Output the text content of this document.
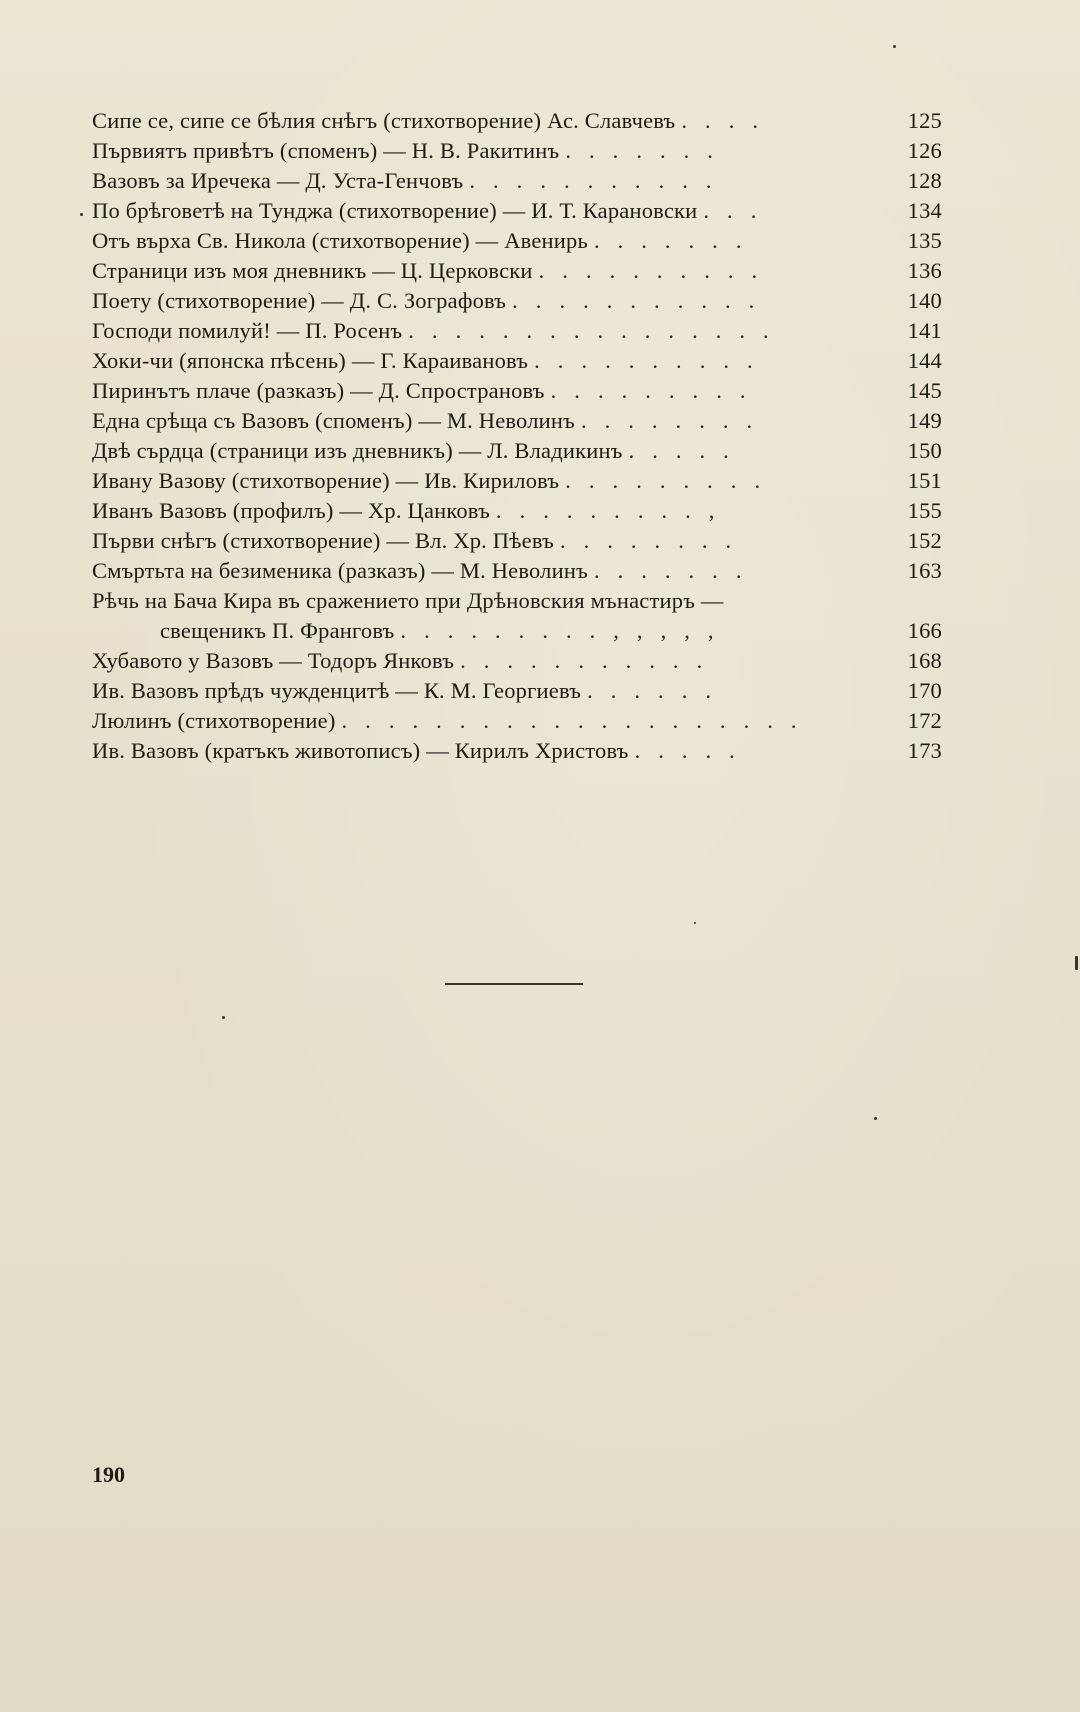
Сипе се, сипе се бѣлия снѣгъ (стихотворение) Ас. Славчевъ . . . .	125
Първиятъ привѣтъ (споменъ) — Н. В. Ракитинъ . . . . . . .	126
Вазовъ за Иречека — Д. Уста-Генчовъ . . . . . . . . . . .	128
По брѣговетѣ на Тунджа (стихотворение) — И. Т. Карановски . . .	134
Отъ върха Св. Никола (стихотворение) — Авенирь . . . . . . .	135
Страници изъ моя дневникъ — Ц. Церковски . . . . . . . . . .	136
Поету (стихотворение) — Д. С. Зографовъ . . . . . . . . . . .	140
Господи помилуй! — П. Росенъ . . . . . . . . . . . . . . . .	141
Хоки-чи (японска пѣсень) — Г. Караивановъ . . . . . . . . . .	144
Пиринътъ плаче (разказъ) — Д. Спространовъ . . . . . . . . .	145
Една срѣща съ Вазовъ (споменъ) — М. Неволинъ . . . . . . . .	149
Двѣ сърдца (страници изъ дневникъ) — Л. Владикинъ . . . . .	150
Ивану Вазову (стихотворение) — Ив. Кириловъ . . . . . . . . .	151
Иванъ Вазовъ (профилъ) — Хр. Цанковъ . . . . . . . . . ,	155
Първи снѣгъ (стихотворение) — Вл. Хр. Пѣевъ . . . . . . . .	152
Смъртьта на безименика (разказъ) — М. Неволинъ . . . . . . .	163
Рѣчь на Бача Кира въ сражението при Дрѣновския мънастиръ —
свещеникъ П. Франговъ . . . . . . . . . , , , , ,	166
Хубавото у Вазовъ — Тодоръ Янковъ . . . . . . . . . . .	168
Ив. Вазовъ прѣдъ чужденцитѣ — К. М. Георгиевъ . . . . . .	170
Люлинъ (стихотворение) . . . . . . . . . . . . . . . . . . . .	172
Ив. Вазовъ (кратъкъ животописъ) — Кирилъ Христовъ . . . . .	173
190
